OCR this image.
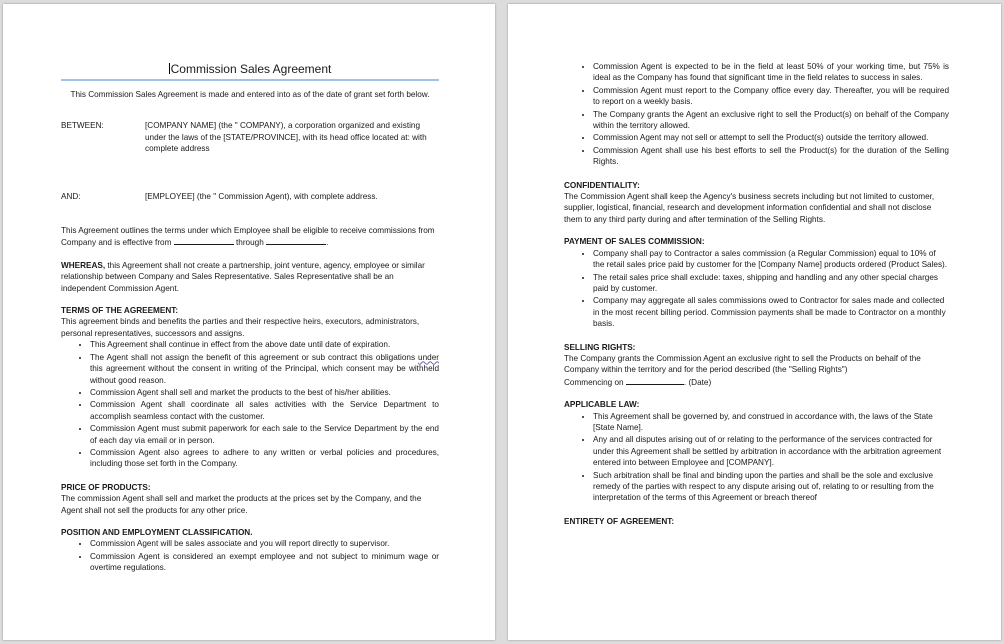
Commission Sales Agreement

This Commission Sales Agreement is made and entered into as of the date of grant set forth below.

BETWEEN:	[COMPANY NAME] (the " COMPANY), a corporation organized and existing under the laws of the [STATE/PROVINCE], with its head office located at: with complete address
AND:	[EMPLOYEE] (the " Commission Agent), with complete address.

This Agreement outlines the terms under which Employee shall be eligible to receive commissions from Company and is effective from	through	.

WHEREAS, this Agreement shall not create a partnership, joint venture, agency, employee or similar relationship between Company and Sales Representative. Sales Representative shall be an independent Commission Agent.

TERMS OF THE AGREEMENT:

This agreement binds and benefits the parties and their respective heirs, executors, administrators, personal representatives, successors and assigns.

• This Agreement shall continue in effect from the above date until date of expiration.
• The Agent shall not assign the benefit of this agreement or sub contract this obligations under this agreement without the consent in writing of the Principal, which consent may be withheld without good reason.
• Commission Agent shall sell and market the products to the best of his/her abilities.
• Commission Agent shall coordinate all sales activities with the Service Department to accomplish seamless contact with the customer.
• Commission Agent must submit paperwork for each sale to the Service Department by the end of each day via email or in person.
• Commission Agent also agrees to adhere to any written or verbal policies and procedures, including those set forth in the Company.

PRICE OF PRODUCTS:

The commission Agent shall sell and market the products at the prices set by the Company, and the Agent shall not sell the products for any other price.

POSITION AND EMPLOYMENT CLASSIFICATION.

• Commission Agent will be sales associate and you will report directly to supervisor.
• Commission Agent is considered an exempt employee and not subject to minimum wage or overtime regulations.
• Commission Agent is expected to be in the field at least 50% of your working time, but 75% is ideal as the Company has found that significant time in the field relates to success in sales.
• Commission Agent must report to the Company office every day. Thereafter, you will be required to report on a weekly basis.
• The Company grants the Agent an exclusive right to sell the Product(s) on behalf of the Company within the territory allowed.
• Commission Agent may not sell or attempt to sell the Product(s) outside the territory allowed.
• Commission Agent shall use his best efforts to sell the Product(s) for the duration of the Selling Rights.

CONFIDENTIALITY:

The Commission Agent shall keep the Agency's business secrets including but not limited to customer, supplier, logistical, financial, research and development information confidential and shall not disclose them to any third party during and after termination of the Selling Rights.

PAYMENT OF SALES COMMISSION:

• Company shall pay to Contractor a sales commission (a Regular Commission) equal to 10% of the retail sales price paid by customer for the [Company Name] products ordered (Product Sales).
• The retail sales price shall exclude: taxes, shipping and handling and any other special charges paid by customer.
• Company may aggregate all sales commissions owed to Contractor for sales made and collected in the most recent billing period. Commission payments shall be made to Contractor on a monthly basis.

SELLING RIGHTS:

The Company grants the Commission Agent an exclusive right to sell the Products on behalf of the Company within the territory and for the period described (the "Selling Rights")

Commencing on	. (Date)

APPLICABLE LAW:

• This Agreement shall be governed by, and construed in accordance with, the laws of the State [State Name].
• Any and all disputes arising out of or relating to the performance of the services contracted for under this Agreement shall be settled by arbitration in accordance with the arbitration agreement entered into between Employee and [COMPANY].
• Such arbitration shall be final and binding upon the parties and shall be the sole and exclusive remedy of the parties with respect to any dispute arising out of, relating to or resulting from the interpretation of the terms of this Agreement or breach thereof

ENTIRETY OF AGREEMENT:
